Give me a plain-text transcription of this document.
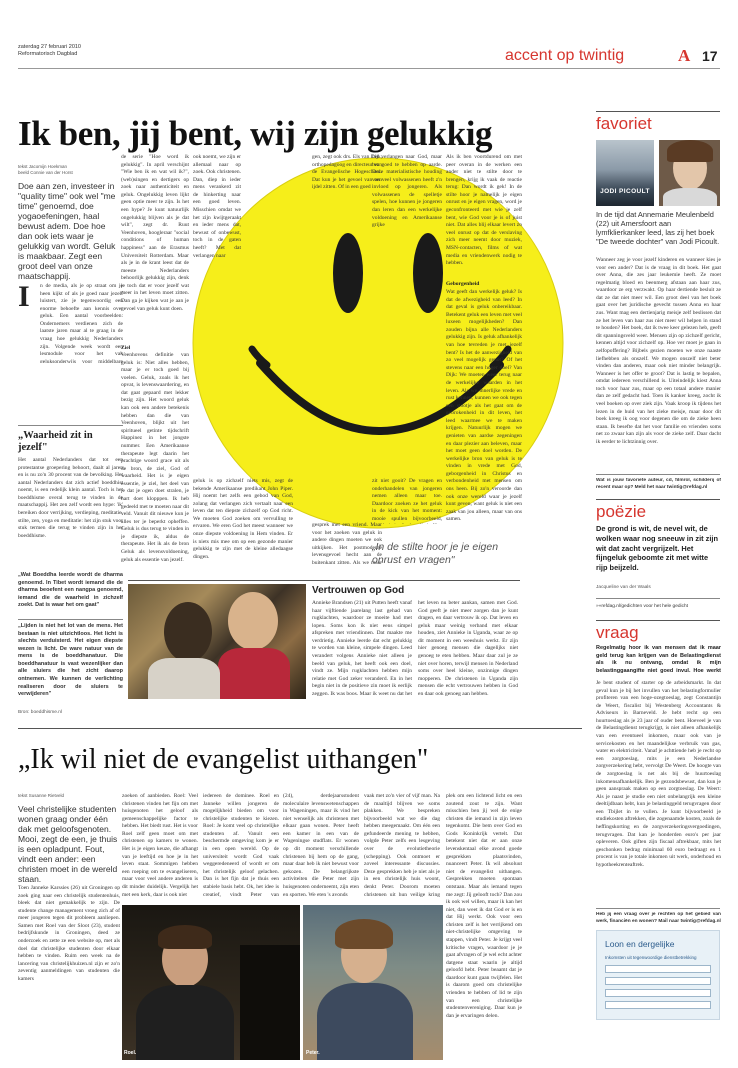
zaterdag 27 februari 2010
Reformatorisch Dagblad	accent op twintig	A 17
Ik ben, jij bent, wij zijn gelukkig
tekst Jacomijn Hoekman
beeld Connie van der Horst
Doe aan zen, investeer in "quality time" ook wel "me time" genoemd, doe yogaoefeningen, haal bewust adem. Doe hoe dan ook iets waar je gelukkig van wordt. Geluk is maakbaar. Zegt een groot deel van onze maatschappij.
I n de media, als je op straat om je heen kijkt of als je goed naar jezelf luistert, zie je tegenwoordig een enorme behoefte aan kennis over geluk. Een aantal voorbeelden: Ondernemers verdienen zich de laatste jaren maar al te graag in de vraag hoe gelukkig Nederlanders zijn. Volgende week wordt een lesmodule voor het vak geluksonderwijs voor middelbare
„Waarheid zit in jezelf"
Het aantal Nederlanders dat tot een protestantse groepering behoort, daalt al jaren en is nu zo'n 30 procent van de bevolking. Het aantal Nederlanders dat zich actief boeddhist noemt, is een redelijk klein aantal. Toch is het boeddhisme overal terug te vinden in de maatschappij. Het zen zelf wordt een hype: 'ik' bereiken door verrijking, verdieping, meditatie, stilte, zen, yoga en meditatie: het zijn stuk voor stuk termen die terug te vinden zijn in het boeddhisme.
„Wat Boeddha leerde wordt de dharma genoemd. In Tibet wordt iemand die de dharma beoefent een nangpa genoemd, iemand die de waarheid in zichzelf zoekt. Dat is waar het om gaat"
„Lijden is niet het lot van de mens. Het bestaan is niet uitzichtloos. Het licht is slechts verduisterd. Het eigen diepste wezen is licht. De ware natuur van de mens is de boeddhanatuur. Die boeddhanatuur is vast wezenlijker dan alle sluiers die het zicht daarop ontnemen. We kunnen de verlichting realiseren door de sluiers te verwijderen"
Bron: boeddhisme.nl
de serie "Hoe word ik gelukkig". In april verschijnt "Wie ben ik en wat wil ik?", (web)singen en dertigers op zoek naar authenticiteit en geluk. Ongelukkig leven lijkt geen optie meer te zijn. Is het een hype? Je kunt natuurlijk ongelukkig blijven als je dat wilt", zegt dr. Ruut Veenhoven, hoogleraar "social conditions of human happiness" aan de Erasmus Universiteit Rotterdam. Maar als je in de krant leest dat de meeste Nederlanders behoorlijk gelukkig zijn, denk je toch dat er voor jezelf wat meer in het leven moet zitten. Dan ga je kijken wat je aan je gevoel van geluk kunt doen.
Ziel
Veenhovens definitie van geluk is: Niet alles hebben, maar je er toch goed bij voelen. Geluk, zoals ik het opvat, is levenswaardering, en dat gaat gepaard met lekker bezig zijn. Het woord geluk kan ook een andere betekenis hebben dan die van Veenhoven, blijkt uit het spiritueel getinte tijdschrift Happinez in het jongste nummer. Een Amerikaanse therapeute legt daarin het prachtige woord grace uit als de bron, de ziel, God of waarheid. Het is je eigen essentie, je ziel, het deel van je dat je ogen doet stralen, je hart doet klopppen. Ik heb gedeeld met te moeten naar dit veld. Vanuit dit nieuwe kun je alles ter je beperkt opheffen. Geluk is dus terug te vinden in je diepste ik, aldus de therapeute. Het ik als de bron
Geluk als levensvoldoening, geluk als essentie van jezelf.
ook noemt, we zijn er allemaal naar op zoek. Ook christenen. Dan, diep in ieder mens verankerd zit de hinkerting naar een goed leven. Misschien omdat we het zijn kwijtgeraakt en ieder mens dat, bewust of onbewust, toch in de gaten heeft? Met dat verlangen naar
geluk is op zichzelf niets mis, zegt de bekende Amerikaanse predikant John Piper. Hij noemt het zelfs een gebod van God, zolang dat verlangen zich vertaalt naar een leven dat ten diepste zichzelf op God richt. We moeten God zoeken om vervulling te ervaren. We eren God het meest wanneer we onze diepste voldoening in Hem vinden. Er is niets mis mee om op een gezonde manier gelukkig te zijn met de kleine alledaagse dingen.
gen, zegt ook drs. Els van Dijk, orthopedagoog en directeur van de Evangelische Hogeschool. Dat kun je het gevoel van een ijdel zitten. Of in een goed
gesprek met een vriend. Maar voor het zoeken van geluk in andere dingen moeten we ook uitkijken. Het postmoderne levensgevoel hecht aan de buitenkant zitten. Als we maar
het verlangen naar God, maar het goed te hebben op aarde. Deze materialistische houding van veel volwassenen heeft z'n invloed op jongeren. Als volwassenen de spelletje spelen, hoe kunnen je jongeren dan leren dan een werkelijke voldoening en Amerikaanse grijke
zit niet gooit? De vragen en onderhandelen van jongeren nemen alleen maar toe. Daardoor zoeken ze het geluk in de kick van het moment: mooie spullen bijvoorbeeld,
„In de stilte hoor je je eigen onrust en vragen"
Als ik ben voortdurend om met peer overan in de werken een ander niet te stilte door te brengen, krijg ik vaak de reactie terug: Dan wordt ik gek! In de stilte hoor je namelijk je eigen onrust en je eigen vragen, word je geconfronteerd met wie je zelf bent, wie God voor je is of juist niet. Dat alles blij elkaar levert zo veel onrust op dat de verslaving zich meer neemt door muziek, MSN-contacten, films of wat media en vriendenwerk nodig te hebben.
Geborgenheid
Wat geeft dan werkelijk geluk? Is dat de afwezigheid van leed? In dat geval is geluk onbereikbaar. Betekent geluk een leven met veel luxeen mogelijkheden? Dan zouden bijna alle Nederlanders gelukkig zijn. Is geluk afhankelijk van hoe tevreden je met jezelf bent? Is het de aanwezigheid van zo veel mogelijk genot? Of het stevens naar een hoger doel? Van Dijk: We moeten weer terug naar de werkelijke waarden in het leven. Als we innerlijke vrede en rust kennen, kunnen we ook tegen een stootje als het gaat om de gebrokenheid in dit leven, het leed waarmee we te maken krijgen. Natuurlijk mogen we genieten van aardse zegeningen en daar plezier aan beleven, maar het moet geen doel worden. De werkelijke bron van geluk is te vinden in vrede met God, geborgenheid in Christus en verbondenheid met mensen om ons heen. Bij zo'n veroorde dan ook onze wereld waar je jezelf kunt geven, want geluk is niet een zaak van jou alleen, maar van ons samen.
Vertrouwen op God
Annieke Brandsen (21) uit Putten heeft vanaf haar vijftiende jaarelang last gehad van rugklachten, waardoor ze moeite had met lopen. Soms kon ik niet eens simpel afspreken met vriendinnen. Dat maakte me verdrietig. Annieke leerde dat echt gelukkig te worden van kleine, simpele dingen. Leed verandert volgens Annieke niet alleen je beeld van geluk, het heeft ook een doel, vindt ze. Mijn rugklachten hebben mijn relatie met God zeker veranderd. En in het begin niet in de positieve zin moet ik eerlijk zeggen. Ik was boos. Maar ik weet nu dat het
het leven nu beter aankan, samen met God. God geeft je niet meer zorgen dan je kunt dragen, en daar vertrouw ik op. Dat leven en geluk maar weinig verband met elkaar houden, ziet Annieke in Uganda, waar ze op dit moment in een weeshuis werkt. Er zijn hier genoeg mensen die dagelijks niet genoeg te eten hebben. Maar daar zul je ze niet over horen, terwijl mensen in Nederland soms over heel kleine, onzinnige dingen mopperen. De christenen in Uganda zijn mensen die echt vertrouwen hebben in God en daar ook genoeg aan hebben.
favoriet
JODI PICOULT
In de tijd dat Annemarie Meulenbeld (22) uit Amersfoort aan lymfklierkanker leed, las zij het boek "De tweede dochter" van Jodi Picoult.
Wanneer zeg je voor jezelf kinderen en wanneer kies je voor een ander? Dat is de vraag in dit boek. Het gaat over Anna, die zes jaar leukemie heeft. Ze moet regelmatig bloed en beenmerg afstaan aan haar zus, waardoor ze erg verzwakt. Op haar dertiende besluit ze dat ze dat niet meer wil. Een groot deel van het boek gaat over het juridische gevecht tussen Anna en haar zus. Want mag een dertienjarig meisje zelf beslissen dat ze het leven van haar zus niet meer wil helpen in stand te houden? Het boek, dat ik twee keer gelezen heb, geeft dit spanningsveld weer. Mensen zijn op zichzelf gericht, kennen altijd voor zichzelf op. Hoe ver moet je gaan in zelfopoffering? Bijbels gezien moeten we onze naaste liefhebben als onszelf. We mogen onszelf niet beter vinden dan anderen, maar ook niet minder belangrijk. Wanneer is het offer te groot? Dat is lastig te bepalen, omdat iedereen verschillend is. Uiteindelijk kiest Anna toch voor haar zus, maar op een totaal andere manier dan ze zelf gedacht had. Toen ik kanker kreeg, zocht ik veel boeken op over ziek zijn. Vaak kroop ik tijdens het lezen in de huid van het zieke meisje, maar door dit boek kreeg ik oog voor degenen die om de zieke heen staan. Ik besefte dat het voor familie en vrienden soms net zo zwaar kan zijn als voor de zieke zelf. Daar dacht ik eerder te lichtzinnig over.
Wat is jouw favoriete auteur, cd, filmrol, schilderij of recent maar op? Meld het naar twintig@refdag.nl
poëzie
De grond is wit, de nevel wit, de wolken waar nog sneeuw in zit zijn wit dat zacht vergrijzelt. Het fijngeluk geboomte zit met witte rijp beijzeld.
Jacqueline van der Waals
»»refdag.nl/gedichten voor het hele gedicht
vraag
Regelmatig hoor ik van mensen dat ik maar geld terug kan krijgen van de Belastingdienst als ik nu ontvang, omdat ik mijn belastinggaangifte niet goed invul. Hoe werkt
Je bent student of starter op de arbeidsmarkt. In dat geval kun je bij het invullen van het belastingformulier profiteren van een hoge-ozegtoeslag, zegt Constantijn de Weert, fiscalist bij Westenberg Accountants & Adviseurs in Barneveld. Je hebt recht op een huurtoeslag als je 23 jaar of ouder bent. Hoeveel je van de Belastingdienst terugkrijgt, is niet alleen afhankelijk van een eventueel inkomen, maar ook van je servicekosten en het maandelijkse verbruik van gas, water en elektriciteit. Vanaf je achttiende heb je recht op een zorgtoeslag, mits je een Nederlandse zorgverzekering hebt, vervolgt De Weert. De hoogte van de zorgtoeslag is net als bij de huurtoeslag inkomensafhankelijk. Ben je gezondsbewust, dan kun je geen aanspraak maken op een zorgtoeslag. De Weert: Als je naast je studie een niet onbelangrijk een kleine deeltijdbaan hebt, kun je belastinggeld terugvragen door een Tbijlet in te vullen. Je kunt bijvoorbeeld je studiekosten aftrekken, die zogenaamde kosten, zoals de heffingskorting en de zorgverzekeringsvergoedingen, terugvragen. Dat kan je honderden euro's per jaar opleveren. Ook giften zijn fiscaal aftrekbaar, mits het geschonken bedrag minimaal 60 euro bedraagt en 1 procent is van je totale inkomen uit werk, onderhoud en hypotheekrenteaftrek.
Heb jij een vraag over je rechten op het gebied van werk, financiën en wonen? Mail naar twintig@refdag.nl
Loon en dergelijke
Inkomsten uit tegenwoordige dienstbetrekking
„Ik wil niet de evangelist uithangen"
tekst Susanne Rietveld
Veel christelijke studenten wonen graag onder één dak met geloofsgenoten. Mooi, zegt de een, je thuis is een opladpunt. Fout, vindt een ander: een christen moet in de wereld staan.
Toen Janneke Karssies (26) uit Groningen op zoek ging naar een christelijk studentenhuis, bleek dat niet gemakkelijk te zijn. De studente change management vroeg zich af of meer jongeren tegen dit probleem aanliepen. Samen met Roel van der Sloot (23), student bedrijfskunde in Groningen, deed ze onderzoek en zette ze een website op, met als doel dat christelijke studenten door elkaar hebben te vinden. Ruim een week na de lancering van christelijkhuizen.nl zijn er zo'n zeventig aanmeldingen van studenten die kamers
zoeken of aanbieden. Roel: Veel christenen vinden het fijn om met huisgenoten het geloof als gemeenschappelijke factor te hebben. Het biedt rust. Het is voor Roel zelf geen moet om met christenen op kamers te wonen. Het is je eigen keuze, die afhangt van je leeftijd en hoe je in het leven staat. Sommigen hebben een roeping om te evangeliseren, maar voor veel andere anderen is dit minder duidelijk. Vergelijk het met een kerk, daar is ook niet
iedereen de dominee. Roel en Janneke willen jongeren de mogelijkheid bieden om voor christelijke studenten te kiezen. Roel: Je komt veel op christelijke studenten af. Vanuit een beschermde omgeving kom je er in een open wereld. Op de universiteit wordt God vaak weggeredeneerd of wordt er om het christelijk geloof gelachen. Dan is het fijn dat je thuis een stabiele basis hebt. Ok, het idee is creatief, vindt Peter van
(24), derdejaarsstudent moleculaire levenswetenschappen in Wageningen, maar ik vind het niet wenselijk als christenen met elkaar gaan wonen. Peter heeft een kamer in een van de Wageningse studflats. Er wonen op dit moment verschillende christenen bij hem op de gang, maar daar heb ik niet bewust voor gekozen. De belangrijkste activiteiten die Peter met zijn huisgenoten onderneemt, zijn eten en sporten. We eten 's avonds
vaak met zo'n vier of vijf man. Na de maaltijd blijven we soms plakken. We bespreken bijvoorbeeld wat we die dag hebben meegemaakt. Om één een gefundeerde mening te hebben, volgde Peter zelfs een lesgeving over de evolutietheorie (schepping). Ook ontmoet er zoveel interessante discussies. Deze gesprekken heb je niet als je in een christelijk huis woont, denkt Peter. Doorom moeten christenen uit hun veilige kring
plek om een lichtend licht en een zoutend zout te zijn. Want misschien ben jij wel de enige christen die iemand in zijn leven tegenkomt. Die bem over God en Gods Koninkrijk vertelt. Dat betekent niet dat er aan onze levenskentaal elke avond goede gesprekken plaatsvinden, nuanceert Peter. Ik wil absoluut niet de evangelist uithangen. Gesprekken moeten spontaan ontstaan. Maar als iemand tegen me zegt: Jij gelooft toch? Dan zou ik ook wel willen, maar ik kan het niet, dan weet ik dat God er is en dat Hij werkt. Ook voor een christen zelf is het verrijkend om niet-christelijke omgeving te stappen, vindt Peter. Je krijgt veel kritische vragen, waardoor je je gaat afvragen of je wel echt achter datgene staat waarin je altijd geloofd hebt. Peter beaamt dat je daardoor kunt gaan twijfelen. Het is daarom goed om christelijke vrienden te hebben of lid te zijn van een christelijke studentenvereniging. Daar kun je dan je ervaringen delen.
Roel.	Peter.
